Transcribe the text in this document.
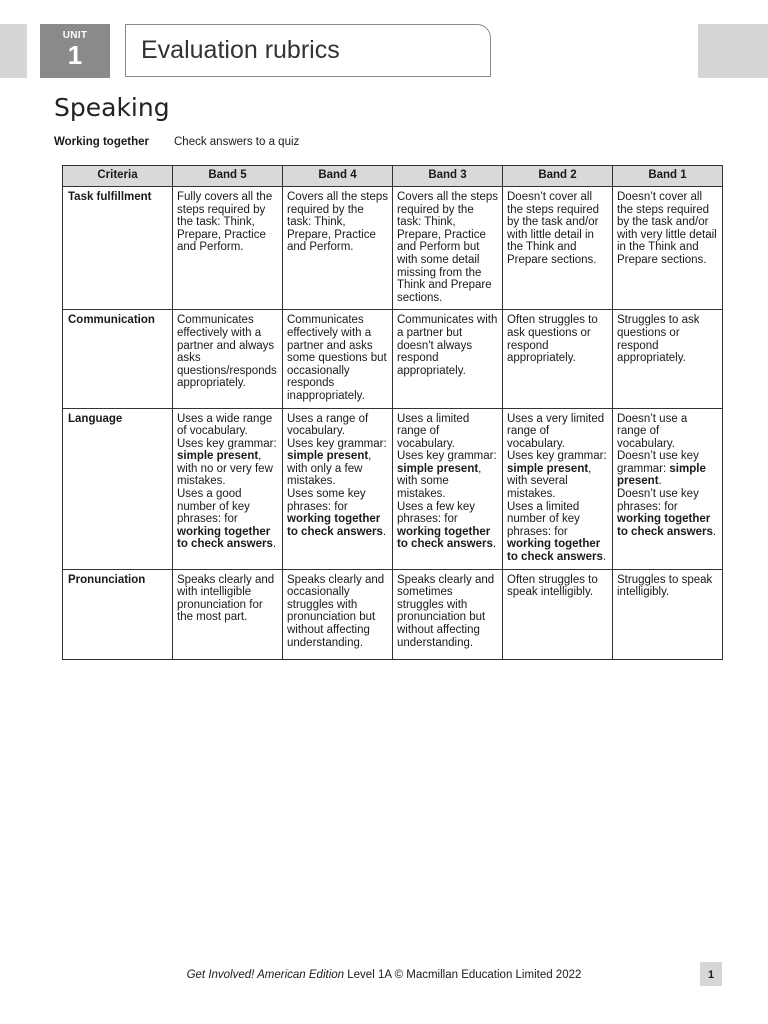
UNIT
1	Evaluation rubrics
Speaking
Working together Check answers to a quiz
Criteria	Band 5	Band 4	Band 3	Band 2	Band 1
Task fulfillment	Fully covers all the steps required by the task: Think, Prepare, Practice and Perform.	Covers all the steps required by the task: Think, Prepare, Practice and Perform.	Covers all the steps required by the task: Think, Prepare, Practice and Perform but with some detail missing from the Think and Prepare sections.	Doesn’t cover all the steps required by the task and/or with little detail in the Think and Prepare sections.	Doesn’t cover all the steps required by the task and/or with very little detail in the Think and Prepare sections.
Communication	Communicates effectively with a partner and always asks questions/responds appropriately.	Communicates effectively with a partner and asks some questions but occasionally responds inappropriately.	Communicates with a partner but doesn't always respond appropriately.	Often struggles to ask questions or respond appropriately.	Struggles to ask questions or respond appropriately.
Language	Uses a wide range of vocabulary.
Uses key grammar: simple present, with no or very few mistakes.
Uses a good number of key phrases: for working together to check answers.	Uses a range of vocabulary.
Uses key grammar: simple present, with only a few mistakes.
Uses some key phrases: for working together to check answers.	Uses a limited range of vocabulary.
Uses key grammar: simple present, with some mistakes.
Uses a few key phrases: for working together to check answers.	Uses a very limited range of vocabulary.
Uses key grammar: simple present, with several mistakes.
Uses a limited number of key phrases: for working together to check answers.	Doesn’t use a range of vocabulary.
Doesn’t use key grammar: simple present.
Doesn’t use key phrases: for working together to check answers.
Pronunciation	Speaks clearly and with intelligible pronunciation for the most part.	Speaks clearly and occasionally struggles with pronunciation but without affecting understanding.	Speaks clearly and sometimes struggles with pronunciation but without affecting understanding.	Often struggles to speak intelligibly.	Struggles to speak intelligibly.
Get Involved! American Edition Level 1A © Macmillan Education Limited 2022	1
